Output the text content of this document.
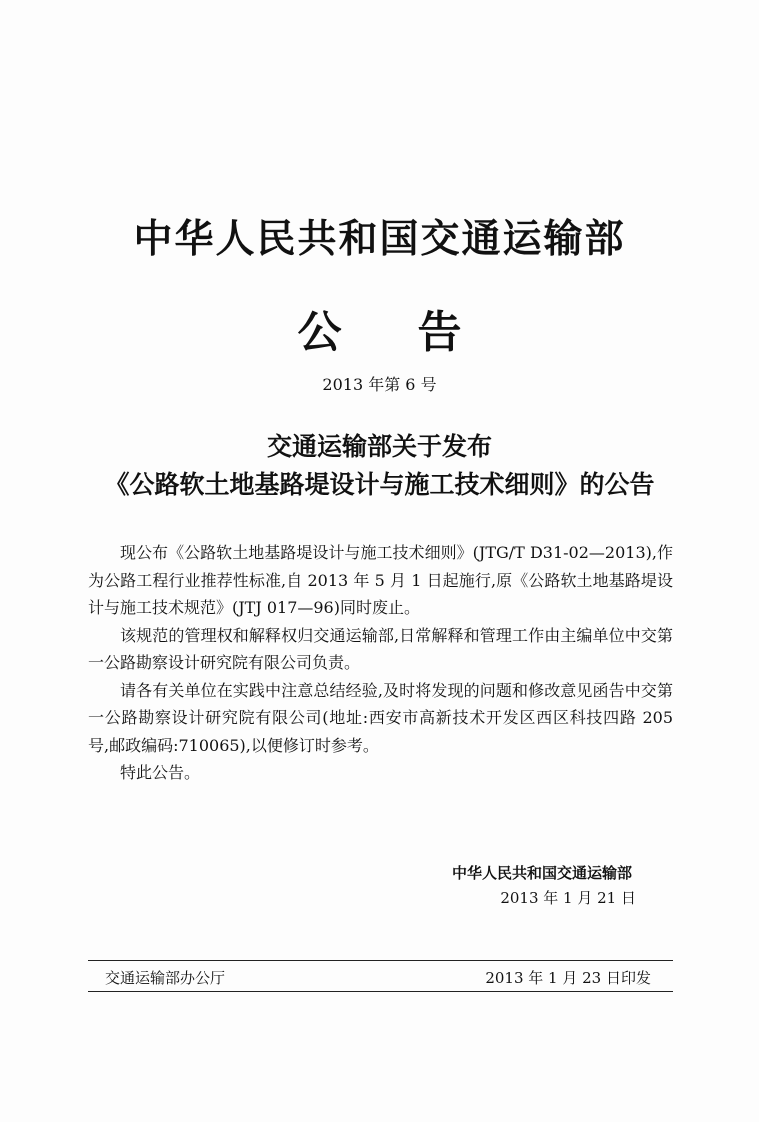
中华人民共和国交通运输部
公 告
2013 年第 6 号
交通运输部关于发布
《公路软土地基路堤设计与施工技术细则》的公告

现公布《公路软土地基路堤设计与施工技术细则》(JTG/T D31-02—2013),作为公路工程行业推荐性标准,自 2013 年 5 月 1 日起施行,原《公路软土地基路堤设计与施工技术规范》(JTJ 017—96)同时废止。

该规范的管理权和解释权归交通运输部,日常解释和管理工作由主编单位中交第一公路勘察设计研究院有限公司负责。

请各有关单位在实践中注意总结经验,及时将发现的问题和修改意见函告中交第一公路勘察设计研究院有限公司(地址:西安市高新技术开发区西区科技四路 205 号,邮政编码:710065),以便修订时参考。

特此公告。

中华人民共和国交通运输部
2013 年 1 月 21 日
交通运输部办公厅	2013 年 1 月 23 日印发
